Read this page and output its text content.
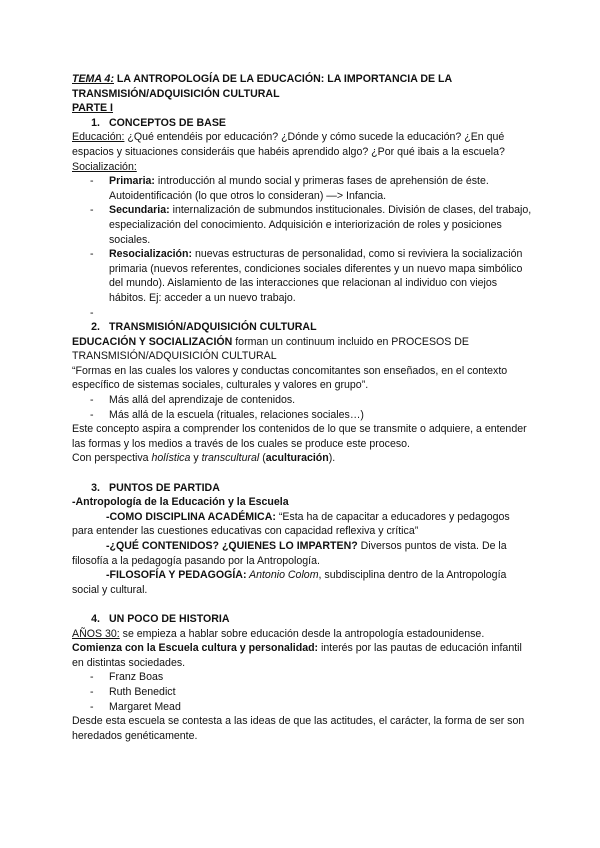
TEMA 4: LA ANTROPOLOGÍA DE LA EDUCACIÓN: LA IMPORTANCIA DE LA TRANSMISIÓN/ADQUISICIÓN CULTURAL

PARTE I

1. CONCEPTOS DE BASE

Educación: ¿Qué entendéis por educación? ¿Dónde y cómo sucede la educación? ¿En qué espacios y situaciones consideráis que habéis aprendido algo? ¿Por qué ibais a la escuela?

Socialización:

-	Primaria: introducción al mundo social y primeras fases de aprehensión de éste. Autoidentificación (lo que otros lo consideran) —> Infancia.
-	Secundaria: internalización de submundos institucionales. División de clases, del trabajo, especialización del conocimiento. Adquisición e interiorización de roles y posiciones sociales.
-	Resocialización: nuevas estructuras de personalidad, como si reviviera la socialización primaria (nuevos referentes, condiciones sociales diferentes y un nuevo mapa simbólico del mundo). Aislamiento de las interacciones que relacionan al individuo con viejos hábitos. Ej: acceder a un nuevo trabajo.
-
2. TRANSMISIÓN/ADQUISICIÓN CULTURAL

EDUCACIÓN Y SOCIALIZACIÓN forman un continuum incluido en PROCESOS DE TRANSMISIÓN/ADQUISICIÓN CULTURAL

“Formas en las cuales los valores y conductas concomitantes son enseñados, en el contexto específico de sistemas sociales, culturales y valores en grupo”.

-	Más allá del aprendizaje de contenidos.
-	Más allá de la escuela (rituales, relaciones sociales…)

Este concepto aspira a comprender los contenidos de lo que se transmite o adquiere, a entender las formas y los medios a través de los cuales se produce este proceso.

Con perspectiva holística y transcultural (aculturación).

3. PUNTOS DE PARTIDA

-Antropología de la Educación y la Escuela

-COMO DISCIPLINA ACADÉMICA: “Esta ha de capacitar a educadores y pedagogos para entender las cuestiones educativas con capacidad reflexiva y crítica”

-¿QUÉ CONTENIDOS? ¿QUIENES LO IMPARTEN? Diversos puntos de vista. De la filosofía a la pedagogía pasando por la Antropología.

-FILOSOFÍA Y PEDAGOGÍA: Antonio Colom, subdisciplina dentro de la Antropología social y cultural.

4. UN POCO DE HISTORIA

AÑOS 30: se empieza a hablar sobre educación desde la antropología estadounidense.

Comienza con la Escuela cultura y personalidad: interés por las pautas de educación infantil en distintas sociedades.

-	Franz Boas
-	Ruth Benedict
-	Margaret Mead

Desde esta escuela se contesta a las ideas de que las actitudes, el carácter, la forma de ser son heredados genéticamente.
